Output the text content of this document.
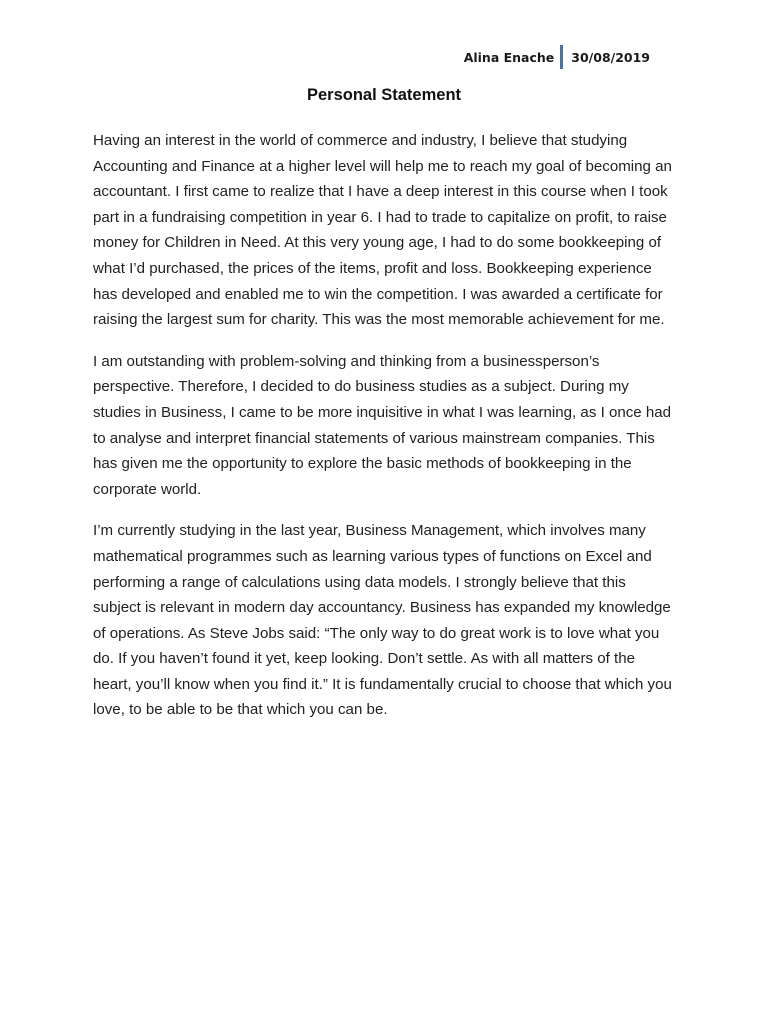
Alina Enache	30/08/2019
Personal Statement

Having an interest in the world of commerce and industry, I believe that studying Accounting and Finance at a higher level will help me to reach my goal of becoming an accountant. I first came to realize that I have a deep interest in this course when I took part in a fundraising competition in year 6. I had to trade to capitalize on profit, to raise money for Children in Need. At this very young age, I had to do some bookkeeping of what I’d purchased, the prices of the items, profit and loss. Bookkeeping experience has developed and enabled me to win the competition. I was awarded a certificate for raising the largest sum for charity. This was the most memorable achievement for me.

I am outstanding with problem-solving and thinking from a businessperson’s perspective. Therefore, I decided to do business studies as a subject. During my studies in Business, I came to be more inquisitive in what I was learning, as I once had to analyse and interpret financial statements of various mainstream companies. This has given me the opportunity to explore the basic methods of bookkeeping in the corporate world.

I’m currently studying in the last year, Business Management, which involves many mathematical programmes such as learning various types of functions on Excel and performing a range of calculations using data models. I strongly believe that this subject is relevant in modern day accountancy. Business has expanded my knowledge of operations. As Steve Jobs said: “The only way to do great work is to love what you do. If you haven’t found it yet, keep looking. Don’t settle. As with all matters of the heart, you’ll know when you find it.” It is fundamentally crucial to choose that which you love, to be able to be that which you can be.
